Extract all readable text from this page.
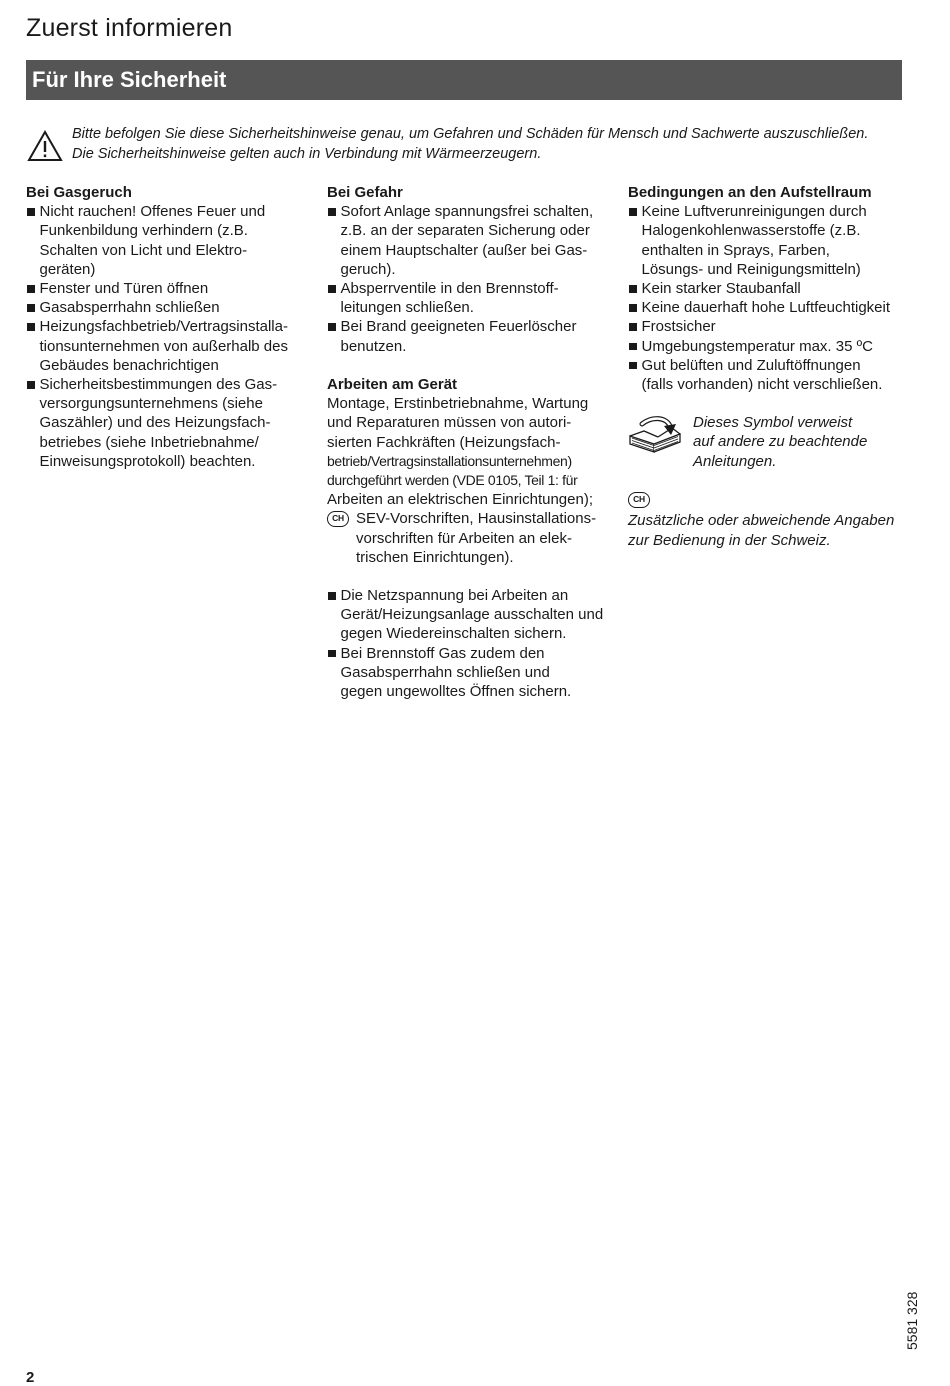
Zuerst informieren
Für Ihre Sicherheit
Bitte befolgen Sie diese Sicherheitshinweise genau, um Gefahren und Schäden für Mensch und Sachwerte auszuschließen.
Die Sicherheitshinweise gelten auch in Verbindung mit Wärmeerzeugern.
Bei Gasgeruch
Nicht rauchen! Offenes Feuer und
Funkenbildung verhindern (z.B.
Schalten von Licht und Elektro-
geräten)
Fenster und Türen öffnen
Gasabsperrhahn schließen
Heizungsfachbetrieb/Vertragsinstalla-
tionsunternehmen von außerhalb des
Gebäudes benachrichtigen
Sicherheitsbestimmungen des Gas-
versorgungsunternehmens (siehe
Gaszähler) und des Heizungsfach-
betriebes (siehe Inbetriebnahme/
Einweisungsprotokoll) beachten.
Bei Gefahr
Sofort Anlage spannungsfrei schalten,
z.B. an der separaten Sicherung oder
einem Hauptschalter (außer bei Gas-
geruch).
Absperrventile in den Brennstoff-
leitungen schließen.
Bei Brand geeigneten Feuerlöscher
benutzen.
Arbeiten am Gerät
Montage, Erstinbetriebnahme, Wartung
und Reparaturen müssen von autori-
sierten Fachkräften (Heizungsfach-
betrieb/Vertragsinstallationsunternehmen)
durchgeführt werden (VDE 0105, Teil 1: für
Arbeiten an elektrischen Einrichtungen);
CH SEV-Vorschriften, Hausinstallations-
vorschriften für Arbeiten an elek-
trischen Einrichtungen).
Die Netzspannung bei Arbeiten an
Gerät/Heizungsanlage ausschalten und
gegen Wiedereinschalten sichern.
Bei Brennstoff Gas zudem den
Gasabsperrhahn schließen und
gegen ungewolltes Öffnen sichern.
Bedingungen an den Aufstellraum
Keine Luftverunreinigungen durch
Halogenkohlenwasserstoffe (z.B.
enthalten in Sprays, Farben,
Lösungs- und Reinigungsmitteln)
Kein starker Staubanfall
Keine dauerhaft hohe Luftfeuchtigkeit
Frostsicher
Umgebungstemperatur max. 35 ºC
Gut belüften und Zuluftöffnungen
(falls vorhanden) nicht verschließen.
Dieses Symbol verweist
auf andere zu beachtende
Anleitungen.
CH
Zusätzliche oder abweichende Angaben
zur Bedienung in der Schweiz.
5581 328
2
